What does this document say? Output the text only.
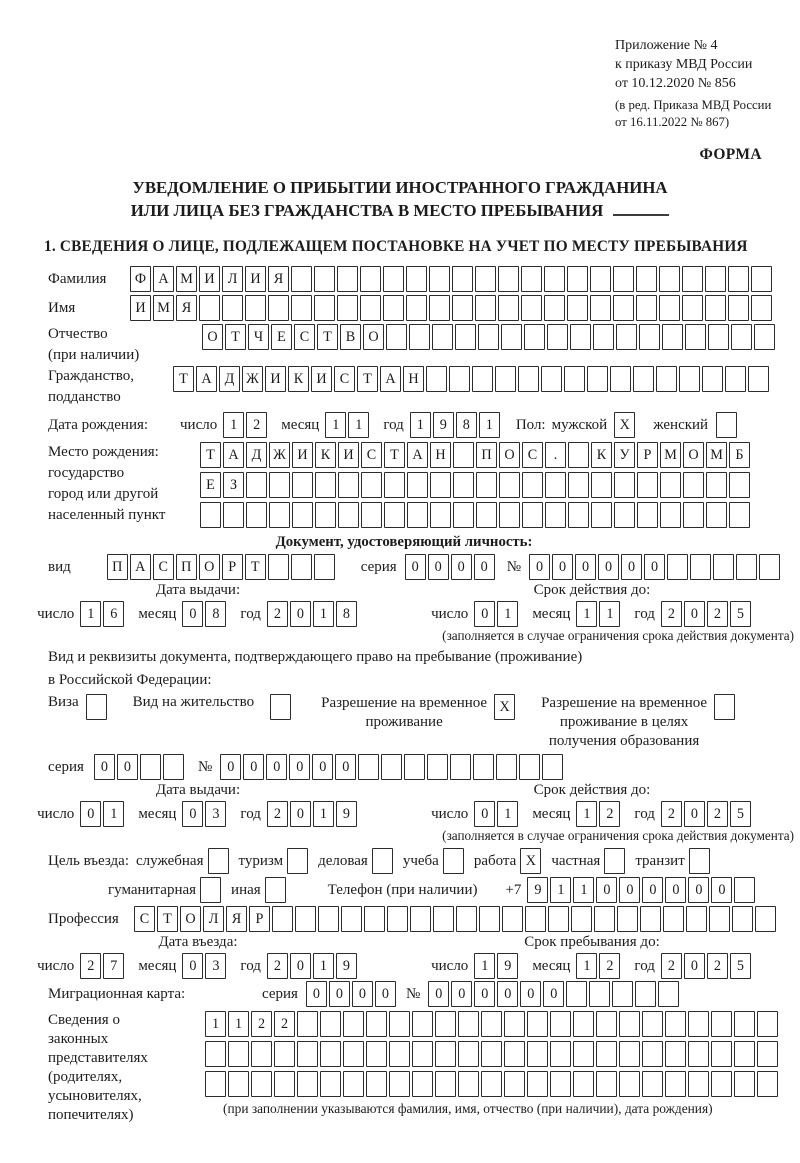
Приложение № 4
к приказу МВД России
от 10.12.2020 № 856
(в ред. Приказа МВД России
от 16.11.2022 № 867)
ФОРМА
УВЕДОМЛЕНИЕ О ПРИБЫТИИ ИНОСТРАННОГО ГРАЖДАНИНА
ИЛИ ЛИЦА БЕЗ ГРАЖДАНСТВА В МЕСТО ПРЕБЫВАНИЯ
1. СВЕДЕНИЯ О ЛИЦЕ, ПОДЛЕЖАЩЕМ ПОСТАНОВКЕ НА УЧЕТ ПО МЕСТУ ПРЕБЫВАНИЯ
Фамилия	Ф А М И Л И Я
Имя	И М Я
Отчество
(при наличии)
О Т Ч Е С Т В О
Гражданство,
подданство
Т А Д Ж И К И С Т А Н
Дата рождения:	число 1	2	месяц 1	1	год 1	9	8	1	Пол: мужской X	женский
Место рождения:
государство
город или другой
населенный пункт
Т А Д Ж И К И С Т А Н	П О С	.	К У Р М О М Б
Е	З
Документ, удостоверяющий личность:
вид	П А С П О Р	Т	серия	0	0	0	0	№	0	0	0	0	0	0
Дата выдачи:
число 1	6	месяц 0	8	год 2	0	1	8
Срок действия до:
число 0	1	месяц 1	1	год 2	0	2	5
(заполняется в случае ограничения срока действия документа)
Вид и реквизиты документа, подтверждающего право на пребывание (проживание)
в Российской Федерации:
Виза	Вид на жительство	Разрешение на временное
проживание
X	Разрешение на временное
проживание в целях
получения образования
серия	0	0	№	0	0	0	0	0	0
Дата выдачи:
число 0	1	месяц 0	3	год 2	0	1	9
Срок действия до:
число 0	1	месяц 1	2	год 2	0	2	5
(заполняется в случае ограничения срока действия документа)
Цель въезда: служебная туризм деловая учеба работа X	частная транзит
гуманитарная иная	Телефон (при наличии) +7 9	1	1	0	0	0	0	0	0
Профессия	С Т О Л Я	Р
Дата въезда:
число 2	7	месяц 0	3	год 2	0	1	9
Срок пребывания до:
число 1	9	месяц 1	2	год 2	0	2	5
Миграционная карта:	серия	0	0	0	0	№	0	0	0	0	0	0
Сведения о
законных
представителях
(родителях,
усыновителях,
попечителях)
1	1	2	2
(при заполнении указываются фамилия, имя, отчество (при наличии), дата рождения)
